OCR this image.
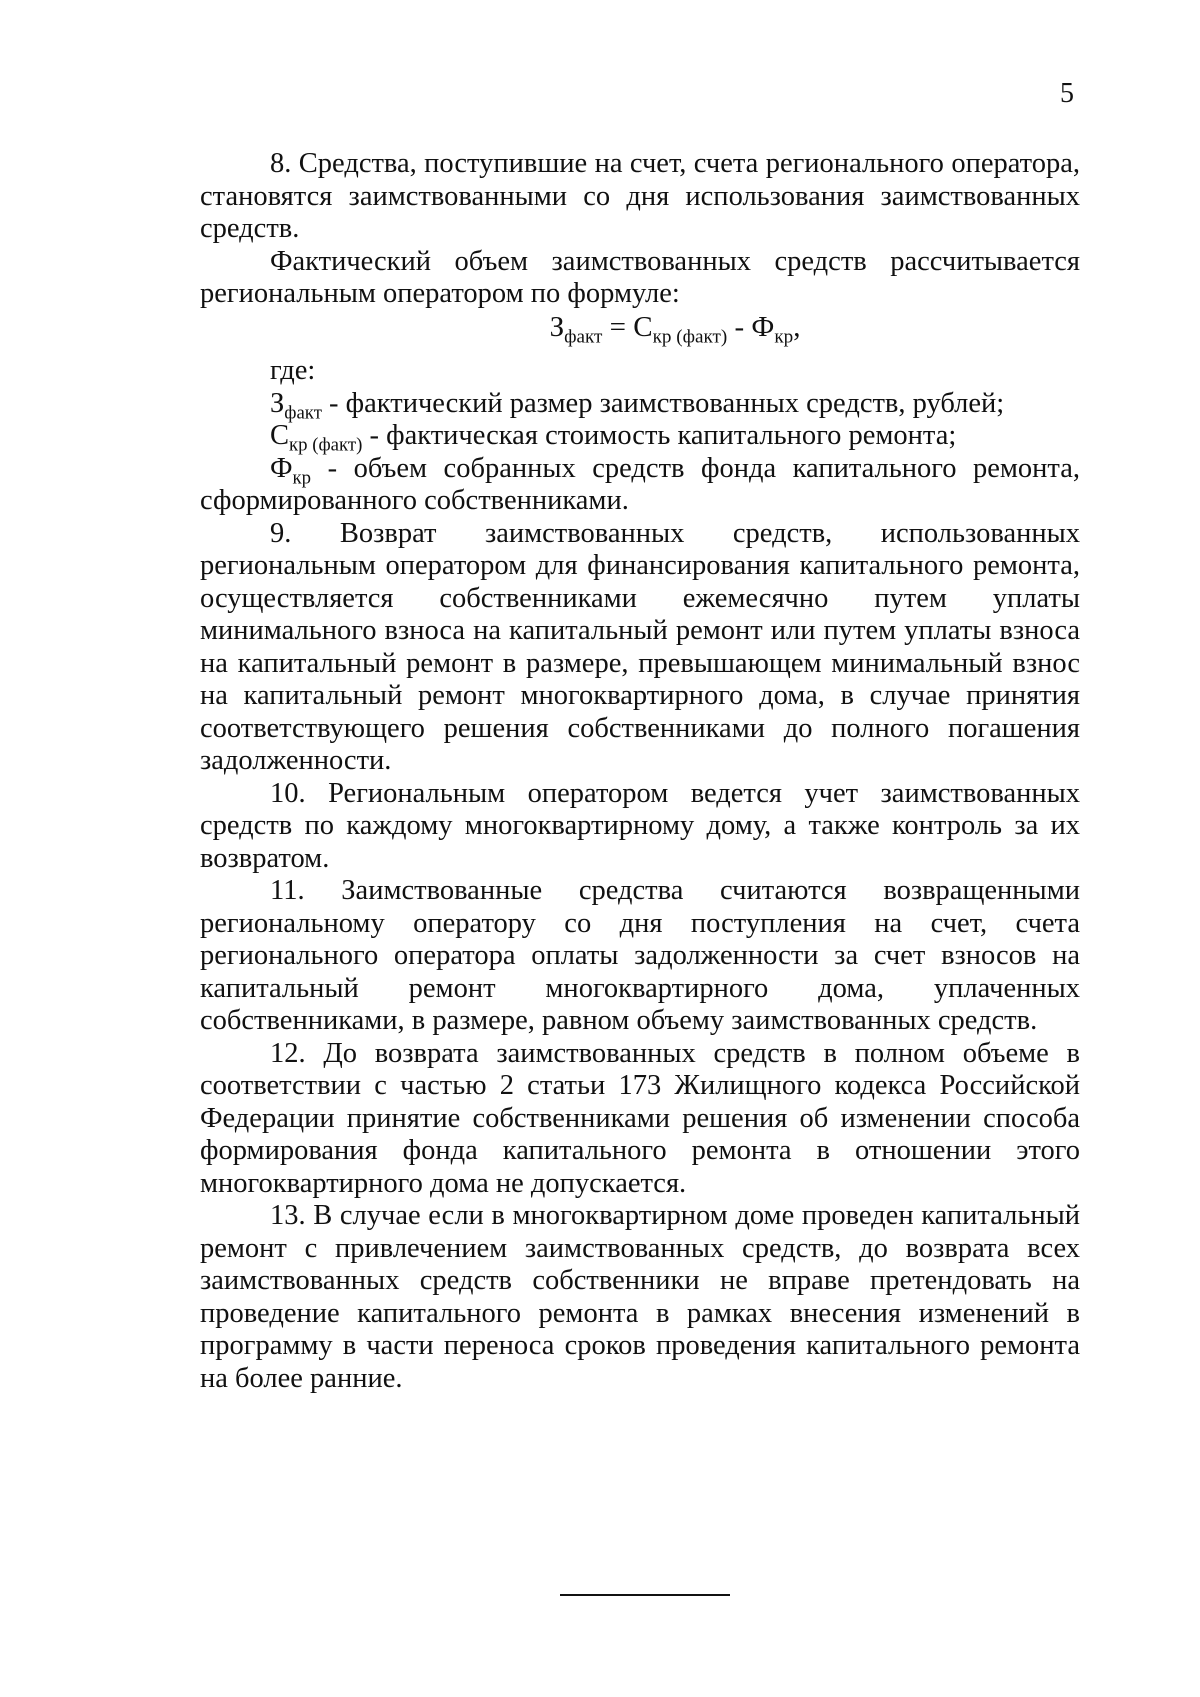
5

8. Средства, поступившие на счет, счета регионального оператора, становятся заимствованными со дня использования заимствованных средств.

Фактический объем заимствованных средств рассчитывается региональным оператором по формуле:

$З_{факт} = С_{кр (факт)} - Ф_{кр}$,

где:

$З_{факт}$ - фактический размер заимствованных средств, рублей;

$С_{кр (факт)}$ - фактическая стоимость капитального ремонта;

$Ф_{кр}$ - объем собранных средств фонда капитального ремонта, сформированного собственниками.

9. Возврат заимствованных средств, использованных региональным оператором для финансирования капитального ремонта, осуществляется собственниками ежемесячно путем уплаты минимального взноса на капитальный ремонт или путем уплаты взноса на капитальный ремонт в размере, превышающем минимальный взнос на капитальный ремонт многоквартирного дома, в случае принятия соответствующего решения собственниками до полного погашения задолженности.

10. Региональным оператором ведется учет заимствованных средств по каждому многоквартирному дому, а также контроль за их возвратом.

11. Заимствованные средства считаются возвращенными региональному оператору со дня поступления на счет, счета регионального оператора оплаты задолженности за счет взносов на капитальный ремонт многоквартирного дома, уплаченных собственниками, в размере, равном объему заимствованных средств.

12. До возврата заимствованных средств в полном объеме в соответствии с частью 2 статьи 173 Жилищного кодекса Российской Федерации принятие собственниками решения об изменении способа формирования фонда капитального ремонта в отношении этого многоквартирного дома не допускается.

13. В случае если в многоквартирном доме проведен капитальный ремонт с привлечением заимствованных средств, до возврата всех заимствованных средств собственники не вправе претендовать на проведение капитального ремонта в рамках внесения изменений в программу в части переноса сроков проведения капитального ремонта на более ранние.
